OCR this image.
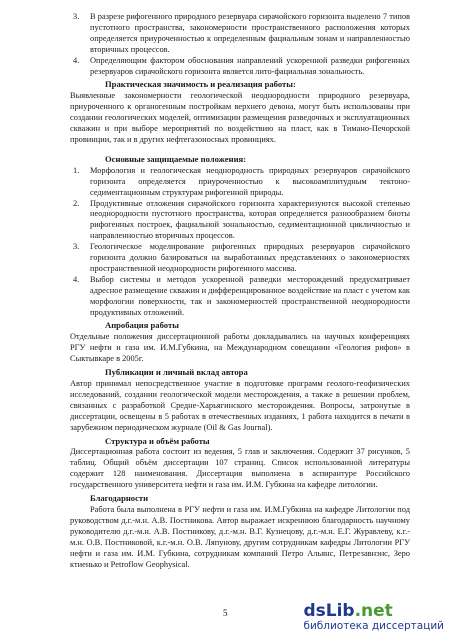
3.	В разрезе рифогенного природного резервуара сирачойского горизонта выделено 7 типов пустотного пространства, закономерности пространственного расположения которых определяется приуроченностью к определенным фациальным зонам и направленностью вторичных процессов.
4.	Определяющим фактором обоснования направлений ускоренной разведки рифогенных резервуаров сирачойского горизонта является лито-фациальная зональность.
Практическая значимость и реализация работы:

Выявленные закономерности геологической неоднородности природного резервуара, приуроченного к органогенным постройкам верхнего девона, могут быть использованы при создании геологических моделей, оптимизации размещения разведочных и эксплуатационных скважин и при выборе мероприятий по воздействию на пласт, как в Тимано-Печорской провинции, так и в других нефтегазоносных провинциях.

Основные защищаемые положения:
1.	Морфология и геологическая неоднородность природных резервуаров сирачойского горизонта определяется приуроченностью к высокоамплитудным тектоно-седиментационным структурам рифогенной природы.
2.	Продуктивные отложения сирачойского горизонта характеризуются высокой степенью неоднородности пустотного пространства, которая определяется разнообразием биоты рифогенных построек, фациальной зональностью, седиментационной цикличностью и направленностью вторичных процессов.
3.	Геологическое моделирование рифогенных природных резервуаров сирачойского горизонта должно базироваться на выработанных представлениях о закономерностях пространственной неоднородности рифогенного массива.
4.	Выбор системы и методов ускоренной разведки месторождений предусматривает адресное размещение скважин и дифференцированное воздействие на пласт с учетом как морфологии поверхности, так и закономерностей пространственной неоднородности продуктивных отложений.
Апробация работы

Отдельные положения диссертационной работы докладывались на научных конференциях РГУ нефти и газа им. И.М.Губкина, на Международном совещании «Геология рифов» в Сыктывкаре в 2005г.

Публикации и личный вклад автора

Автор принимал непосредственное участие в подготовке программ геолого-геофизических исследований, создании геологической модели месторождения, а также в решении проблем, связанных с разработкой Средне-Харьягинского месторождения. Вопросы, затронутые в диссертации, освещены в 5 работах в отечественных изданиях, 1 работа находится в печати в зарубежном периодическом журнале (Oil & Gas Journal).

Структура и объём работы

Диссертационная работа состоит из ведения, 5 глав и заключения. Содержит 37 рисунков, 5 таблиц. Общий объём диссертации 107 страниц. Список использованной литературы содержит 128 наименования. Диссертация выполнена в аспирантуре Российского государственного университета нефти и газа им. И.М. Губкина на кафедре литологии.

Благодарности

Работа была выполнена в РГУ нефти и газа им. И.М.Губкина на кафедре Литологии под руководством д.г.-м.н. А.В. Постникова. Автор выражает искреннюю благодарность научному руководителю д.г.-м.н. А.В. Постникову, д.г.-м.н. В.Г. Кузнецову, д.г.-м.н. Е.Г. Журавлеву, к.г.-м.н. О.В. Постниковой, к.г.-м.н. О.В. Ляпунову, другим сотрудникам кафедры Литологии РГУ нефти и газа им. И.М. Губкина, сотрудникам компаний Петро Альянс, Петрезавнэнс, Зеро ктиенько и Petroflow Geophysical.

5	dsLib.net
библиотека диссертаций
